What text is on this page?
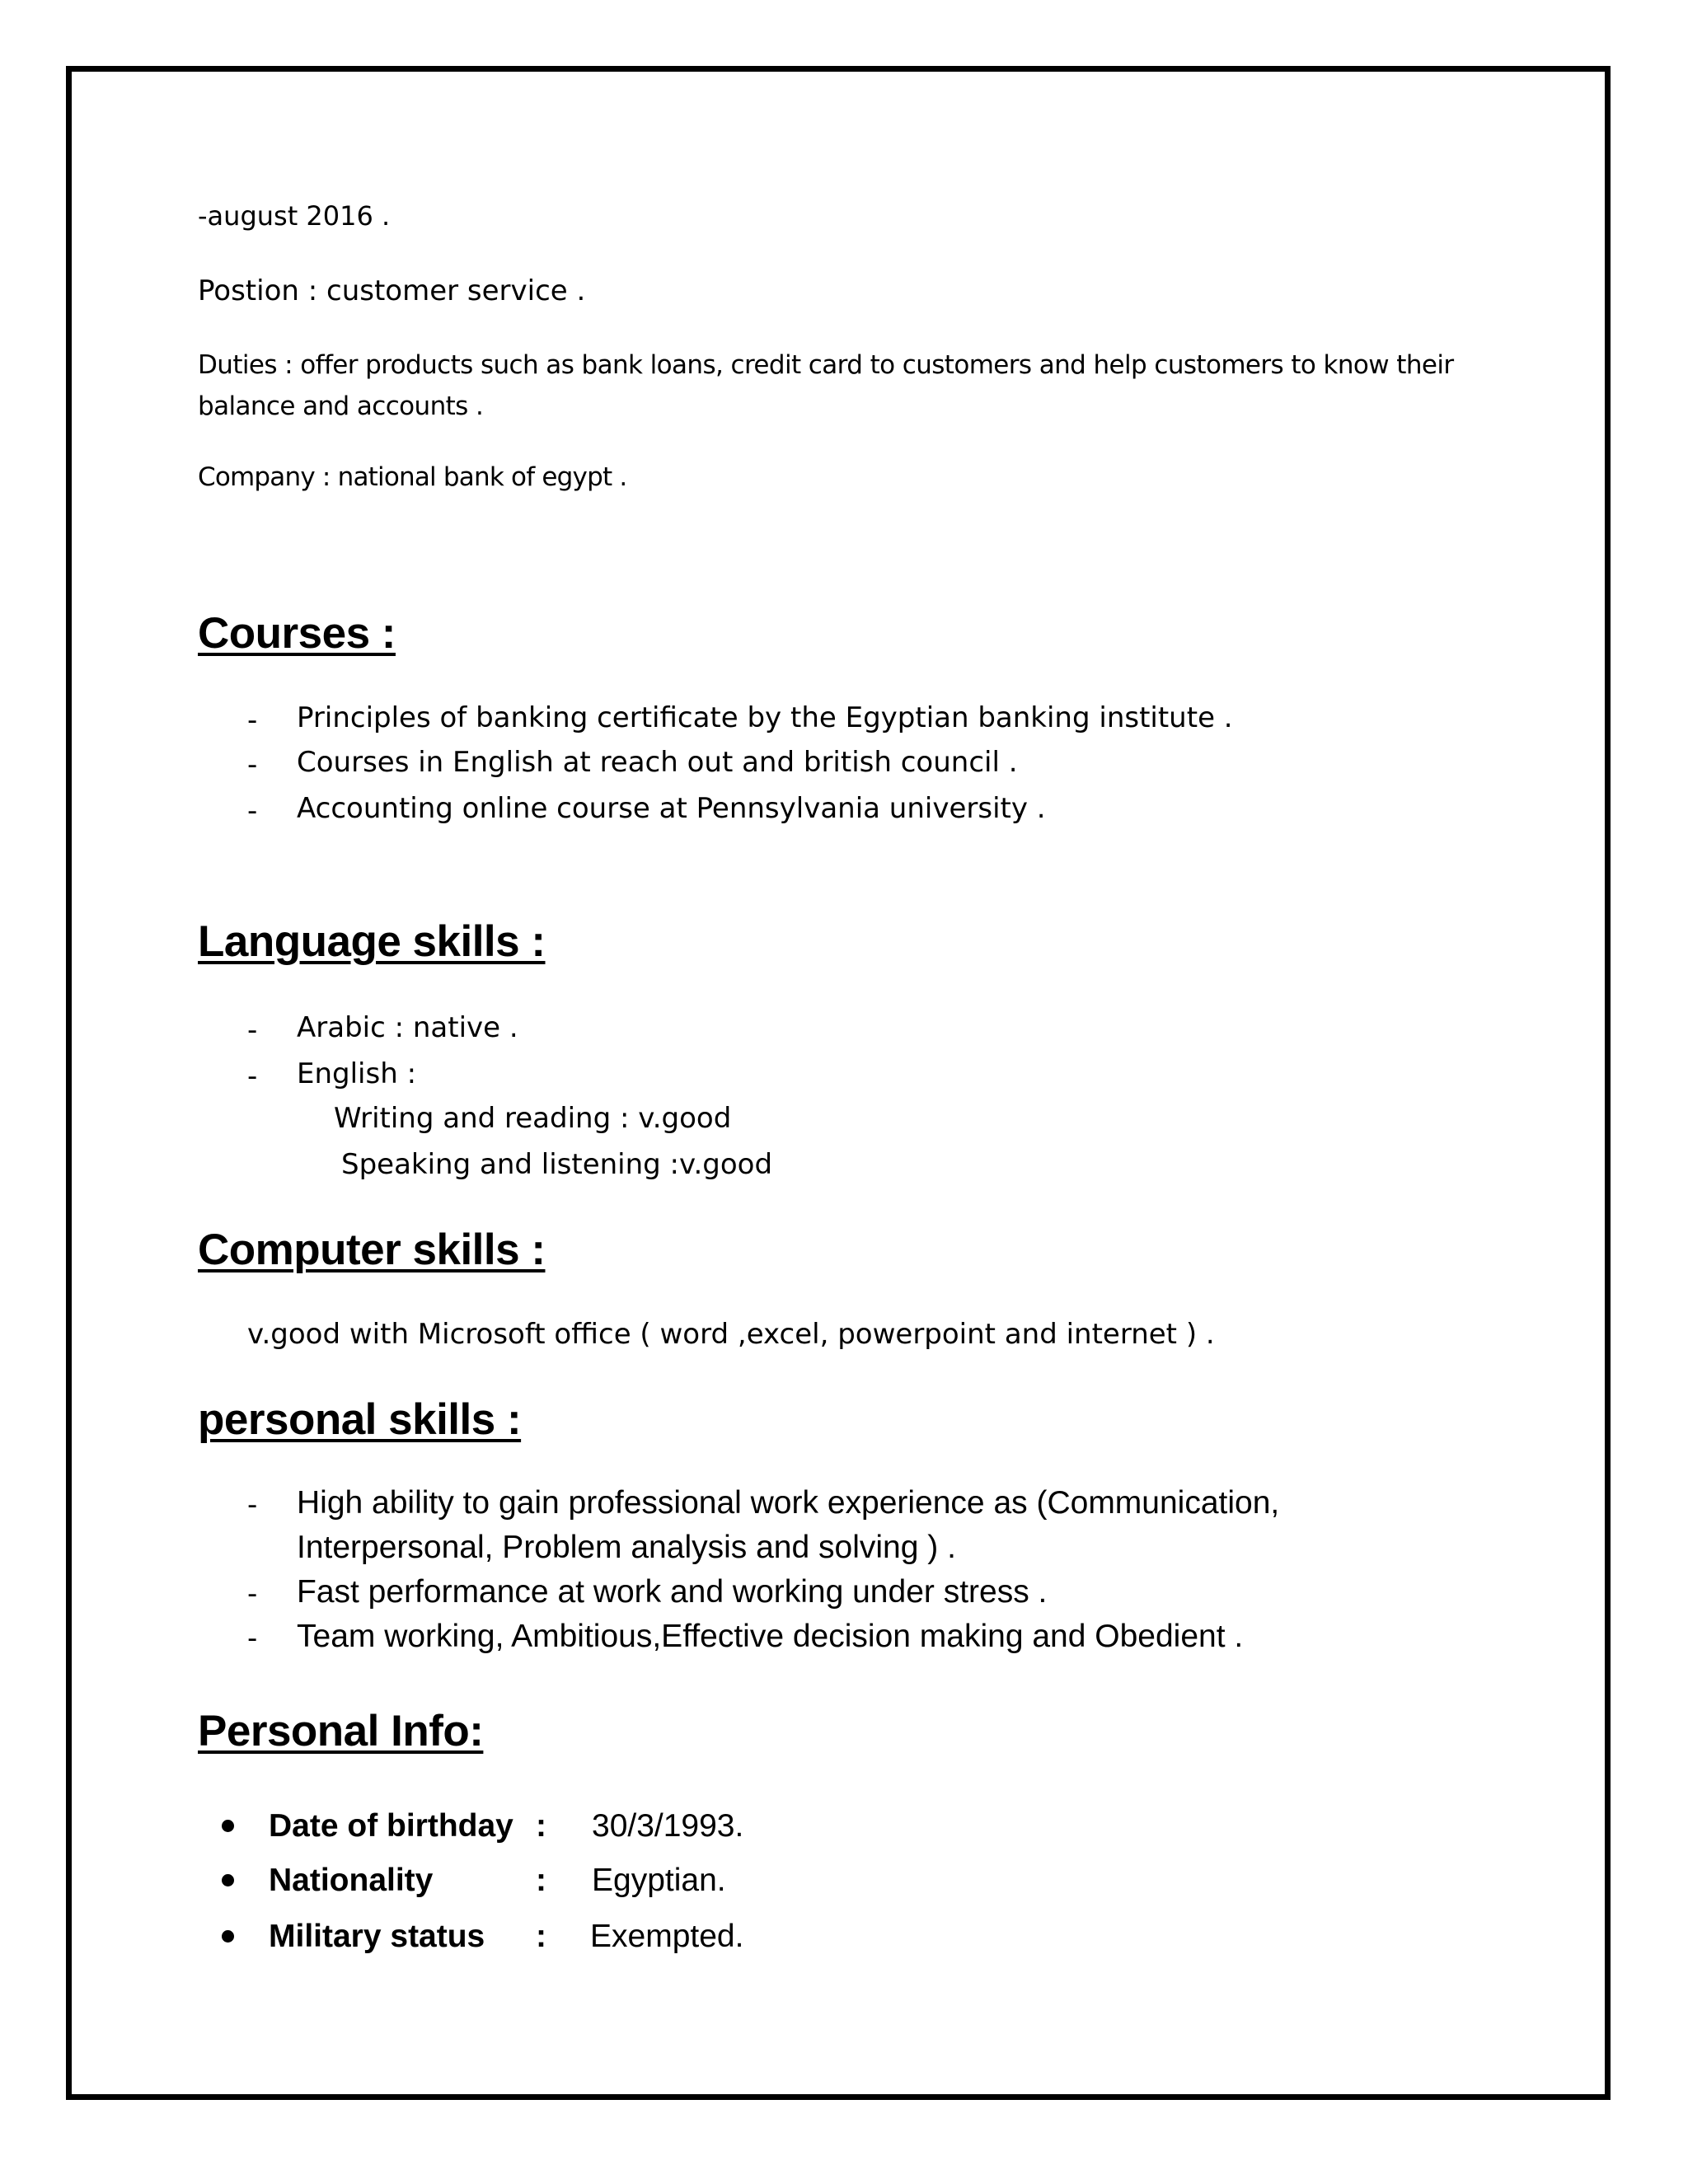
-august 2016 .
Postion : customer service .
Duties : offer products such as bank loans, credit card to customers and help customers to know their
balance and accounts .
Company : national bank of egypt .
Courses :
- Principles of banking certificate by the Egyptian banking institute .
- Courses in English at reach out and british council .
- Accounting online course at Pennsylvania university .
Language skills :
- Arabic : native .
- English :
Writing and reading : v.good
Speaking and listening :v.good
Computer skills :
v.good with Microsoft office ( word ,excel, powerpoint and internet ) .
personal skills :
- High ability to gain professional work experience as (Communication,
Interpersonal, Problem analysis and solving ) .
- Fast performance at work and working under stress .
- Team working, Ambitious,Effective decision making and Obedient .
Personal Info:
Date of birthday : 30/3/1993.
Nationality	: Egyptian.
Military status : Exempted.
